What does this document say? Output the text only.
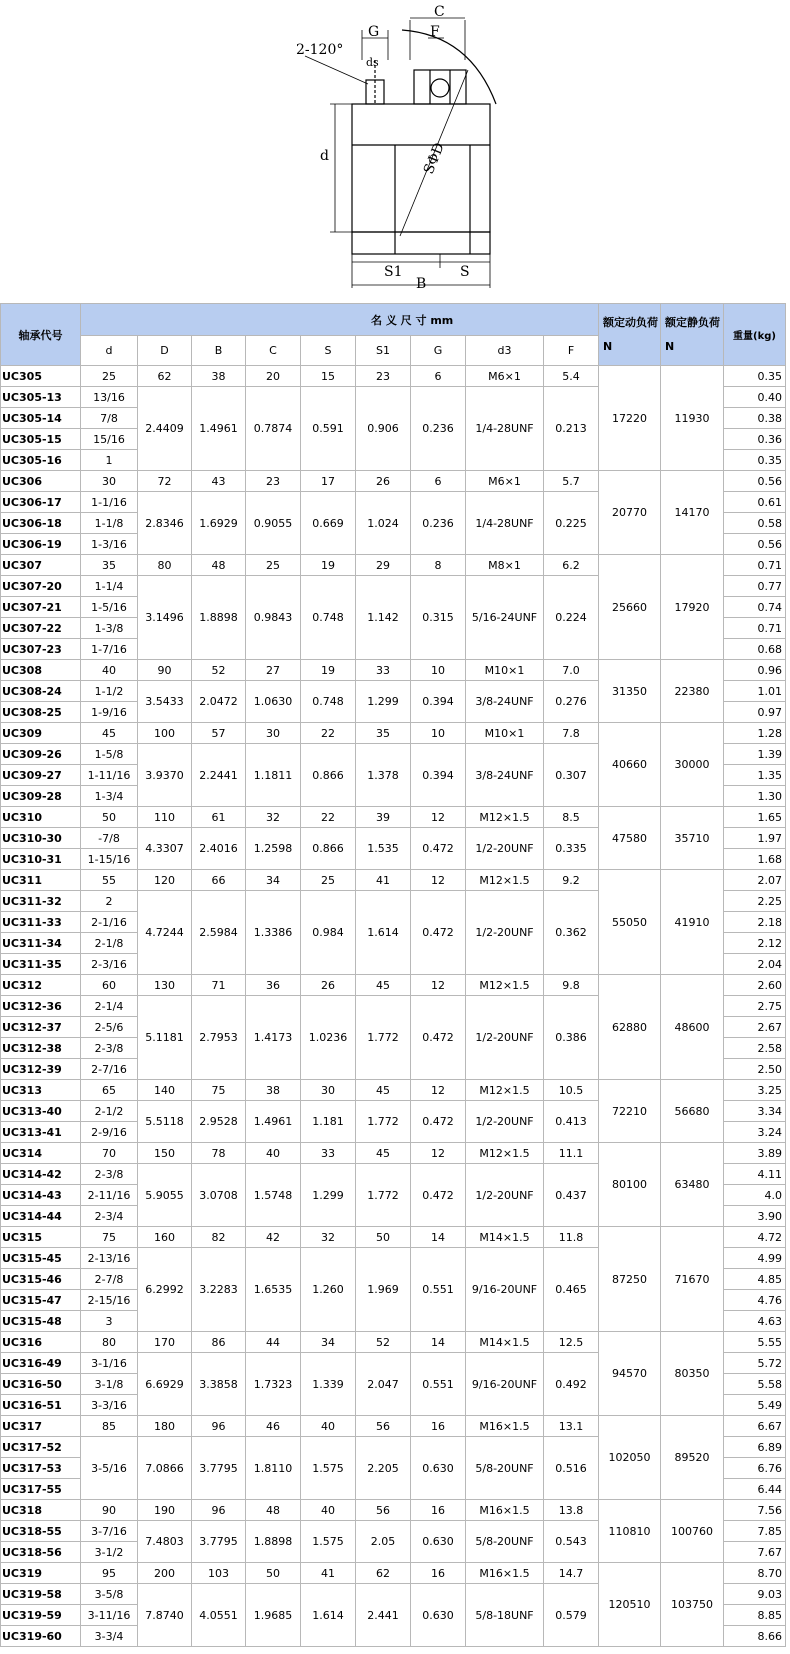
C
F
G
2-120°
ds
d	SΦD
S1	S
B
轴承代号	名 义 尺 寸 mm									额定动负荷N	额定静负荷N	重量(kg)
	d	D	B	C	S	S1	G	d3	F			
UC305	25	62	38	20	15	23	6	M6×1	5.4	17220	11930	0.35
UC305-13	13/16	2.4409	1.4961	0.7874	0.591	0.906	0.236	1/4-28UNF	0.213			0.40
UC305-14	7/8											0.38
UC305-15	15/16											0.36
UC305-16	1											0.35
UC306	30	72	43	23	17	26	6	M6×1	5.7	20770	14170	0.56
UC306-17	1-1/16	2.8346	1.6929	0.9055	0.669	1.024	0.236	1/4-28UNF	0.225			0.61
UC306-18	1-1/8											0.58
UC306-19	1-3/16											0.56
UC307	35	80	48	25	19	29	8	M8×1	6.2	25660	17920	0.71
UC307-20	1-1/4	3.1496	1.8898	0.9843	0.748	1.142	0.315	5/16-24UNF	0.224			0.77
UC307-21	1-5/16											0.74
UC307-22	1-3/8											0.71
UC307-23	1-7/16											0.68
UC308	40	90	52	27	19	33	10	M10×1	7.0	31350	22380	0.96
UC308-24	1-1/2	3.5433	2.0472	1.0630	0.748	1.299	0.394	3/8-24UNF	0.276			1.01
UC308-25	1-9/16											0.97
UC309	45	100	57	30	22	35	10	M10×1	7.8	40660	30000	1.28
UC309-26	1-5/8	3.9370	2.2441	1.1811	0.866	1.378	0.394	3/8-24UNF	0.307			1.39
UC309-27	1-11/16											1.35
UC309-28	1-3/4											1.30
UC310	50	110	61	32	22	39	12	M12×1.5	8.5	47580	35710	1.65
UC310-30	-7/8	4.3307	2.4016	1.2598	0.866	1.535	0.472	1/2-20UNF	0.335			1.97
UC310-31	1-15/16											1.68
UC311	55	120	66	34	25	41	12	M12×1.5	9.2	55050	41910	2.07
UC311-32	2	4.7244	2.5984	1.3386	0.984	1.614	0.472	1/2-20UNF	0.362			2.25
UC311-33	2-1/16											2.18
UC311-34	2-1/8											2.12
UC311-35	2-3/16											2.04
UC312	60	130	71	36	26	45	12	M12×1.5	9.8	62880	48600	2.60
UC312-36	2-1/4	5.1181	2.7953	1.4173	1.0236	1.772	0.472	1/2-20UNF	0.386			2.75
UC312-37	2-5/6											2.67
UC312-38	2-3/8											2.58
UC312-39	2-7/16											2.50
UC313	65	140	75	38	30	45	12	M12×1.5	10.5	72210	56680	3.25
UC313-40	2-1/2	5.5118	2.9528	1.4961	1.181	1.772	0.472	1/2-20UNF	0.413			3.34
UC313-41	2-9/16											3.24
UC314	70	150	78	40	33	45	12	M12×1.5	11.1	80100	63480	3.89
UC314-42	2-3/8	5.9055	3.0708	1.5748	1.299	1.772	0.472	1/2-20UNF	0.437			4.11
UC314-43	2-11/16											4.0
UC314-44	2-3/4											3.90
UC315	75	160	82	42	32	50	14	M14×1.5	11.8	87250	71670	4.72
UC315-45	2-13/16	6.2992	3.2283	1.6535	1.260	1.969	0.551	9/16-20UNF	0.465			4.99
UC315-46	2-7/8											4.85
UC315-47	2-15/16											4.76
UC315-48	3											4.63
UC316	80	170	86	44	34	52	14	M14×1.5	12.5	94570	80350	5.55
UC316-49	3-1/16	6.6929	3.3858	1.7323	1.339	2.047	0.551	9/16-20UNF	0.492			5.72
UC316-50	3-1/8											5.58
UC316-51	3-3/16											5.49
UC317	85	180	96	46	40	56	16	M16×1.5	13.1	102050	89520	6.67
UC317-52	3-5/16	7.0866	3.7795	1.8110	1.575	2.205	0.630	5/8-20UNF	0.516			6.89
UC317-53												6.76
UC317-55												6.44
UC318	90	190	96	48	40	56	16	M16×1.5	13.8	110810	100760	7.56
UC318-55	3-7/16	7.4803	3.7795	1.8898	1.575	2.05	0.630	5/8-20UNF	0.543			7.85
UC318-56	3-1/2											7.67
UC319	95	200	103	50	41	62	16	M16×1.5	14.7	120510	103750	8.70
UC319-58	3-5/8	7.8740	4.0551	1.9685	1.614	2.441	0.630	5/8-18UNF	0.579			9.03
UC319-59	3-11/16											8.85
UC319-60	3-3/4											8.66
